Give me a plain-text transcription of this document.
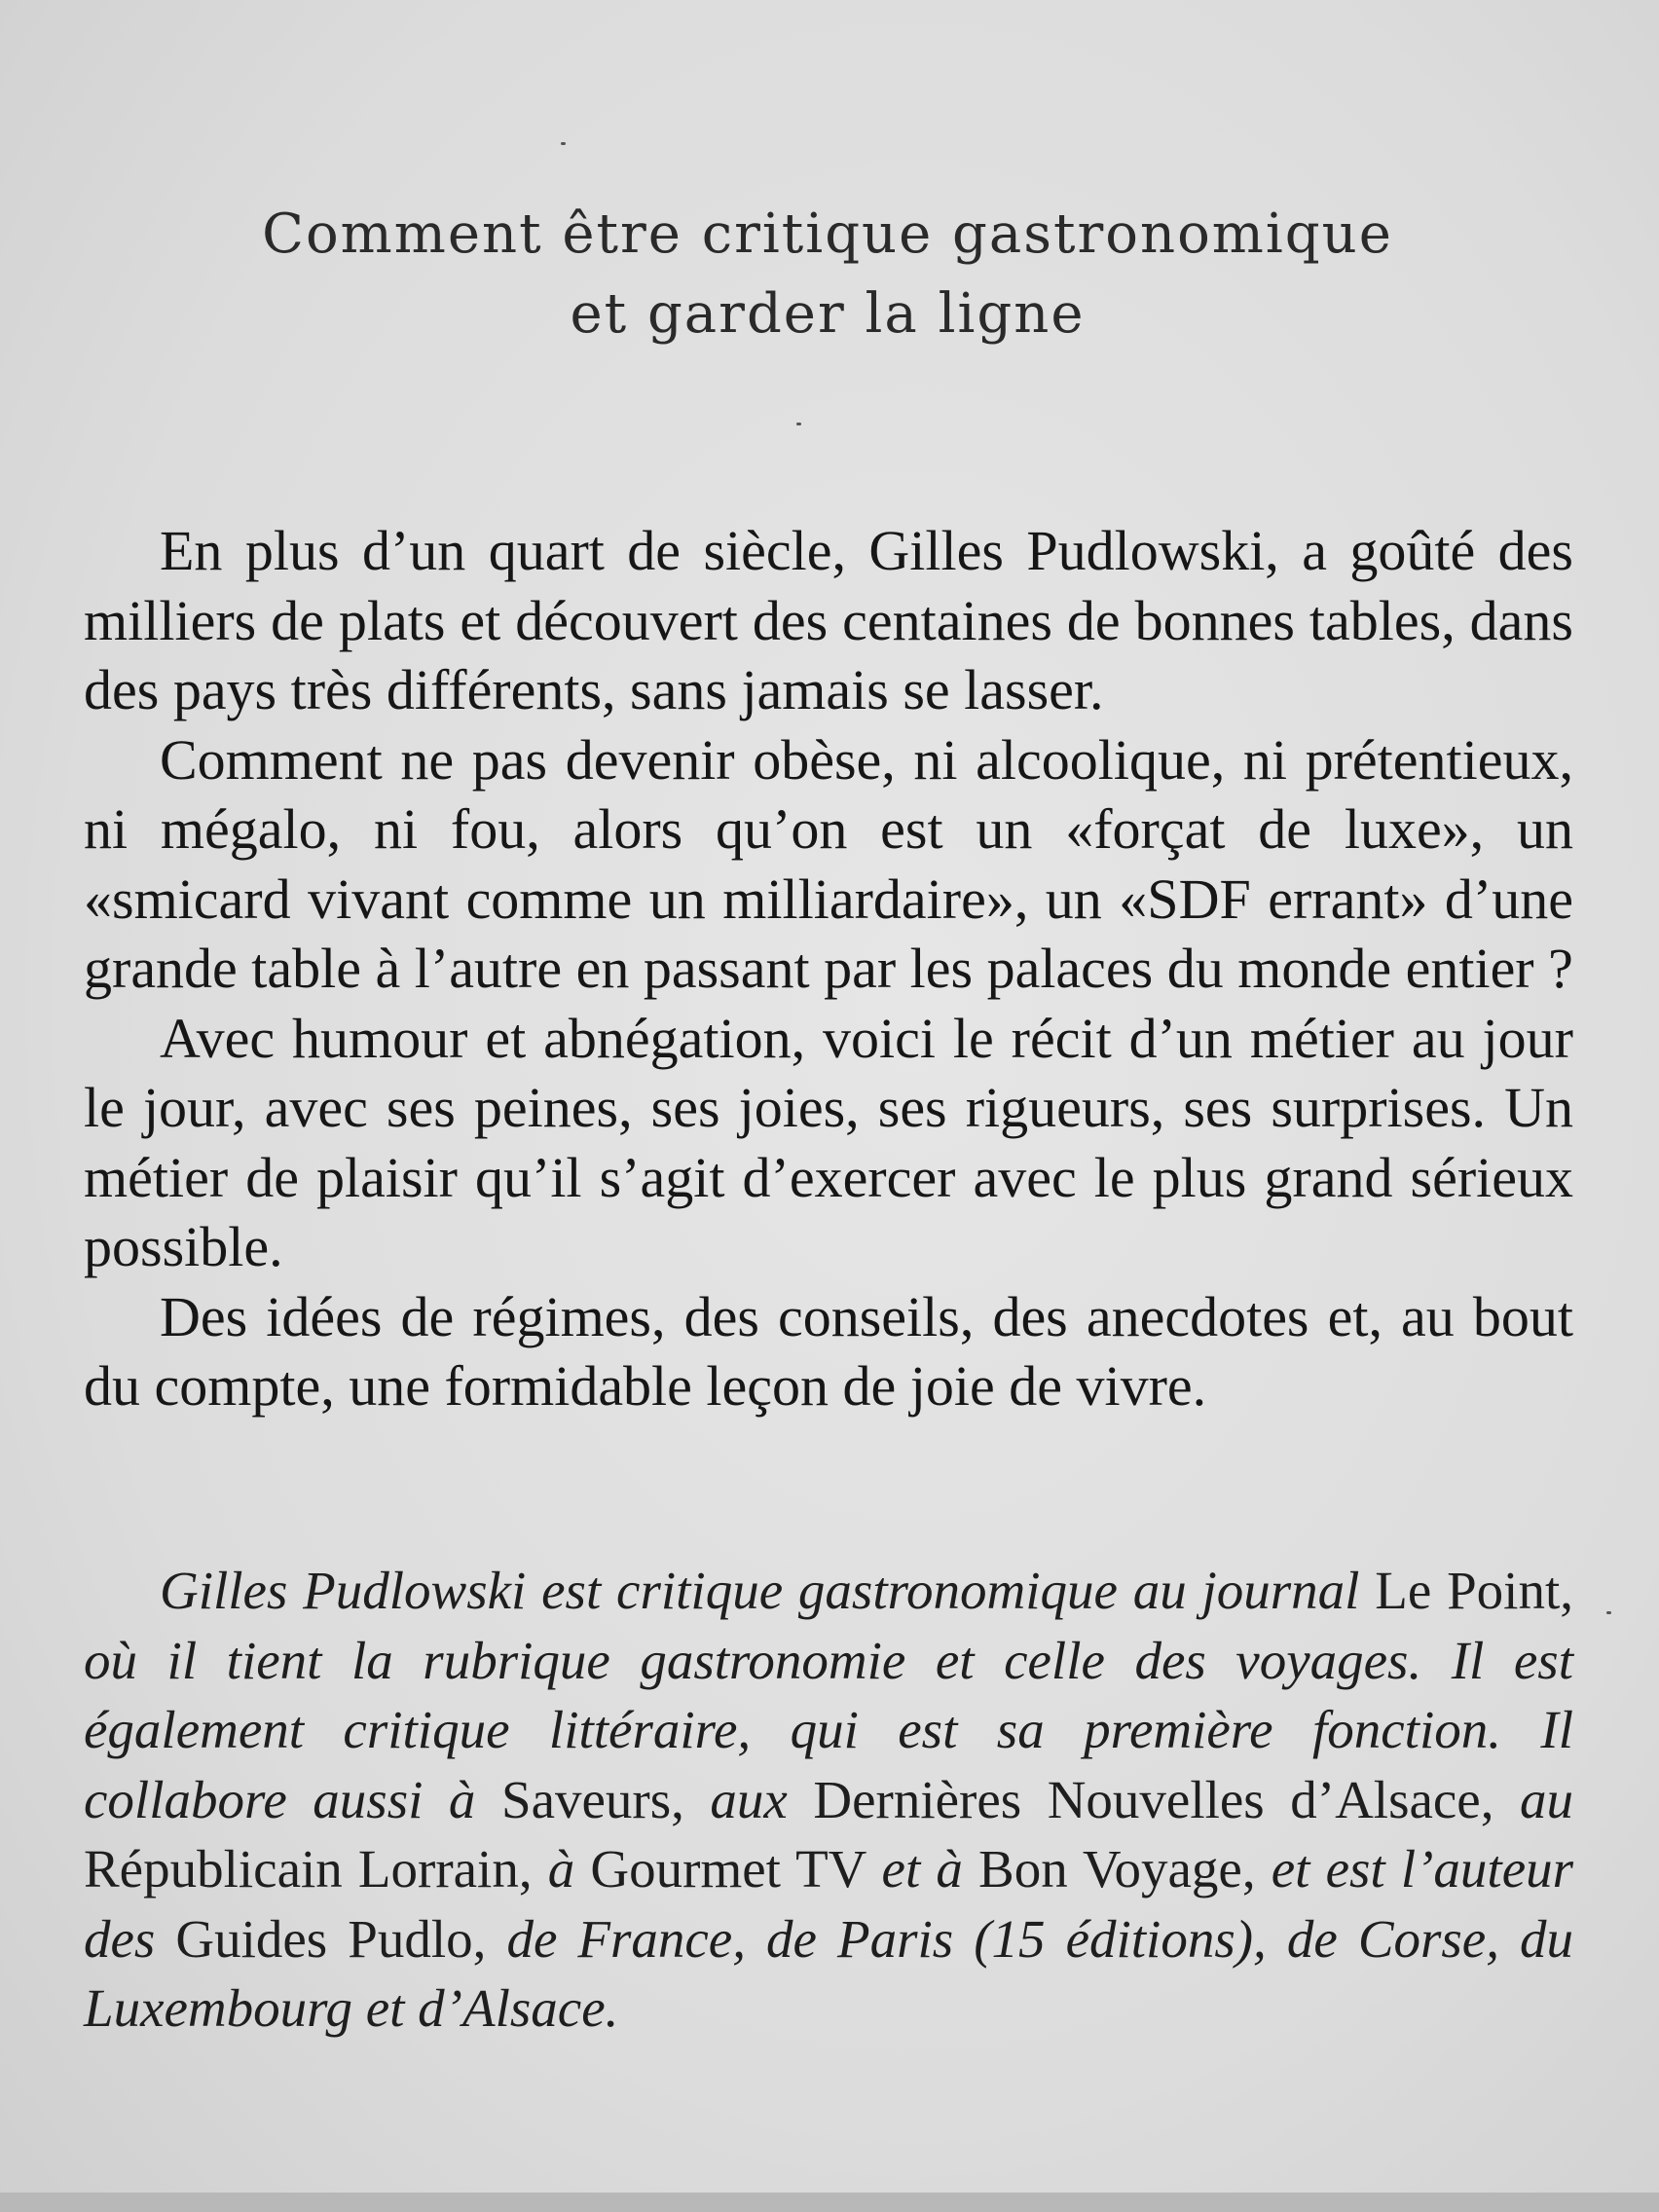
Comment être critique gastronomique
et garder la ligne

En plus d’un quart de siècle, Gilles Pudlowski, a goûté des milliers de plats et découvert des centaines de bonnes tables, dans des pays très différents, sans jamais se lasser.

Comment ne pas devenir obèse, ni alcoolique, ni prétentieux, ni mégalo, ni fou, alors qu’on est un «forçat de luxe», un «smicard vivant comme un milliardaire», un «SDF errant» d’une grande table à l’autre en passant par les palaces du monde entier ?

Avec humour et abnégation, voici le récit d’un métier au jour le jour, avec ses peines, ses joies, ses rigueurs, ses surprises. Un métier de plaisir qu’il s’agit d’exercer avec le plus grand sérieux possible.

Des idées de régimes, des conseils, des anecdotes et, au bout du compte, une formidable leçon de joie de vivre.

Gilles Pudlowski est critique gastronomique au journal Le Point, où il tient la rubrique gastronomie et celle des voyages. Il est également critique littéraire, qui est sa première fonction. Il collabore aussi à Saveurs, aux Dernières Nouvelles d’Alsace, au Républicain Lorrain, à Gourmet TV et à Bon Voyage, et est l’auteur des Guides Pudlo, de France, de Paris (15 éditions), de Corse, du Luxembourg et d’Alsace.
